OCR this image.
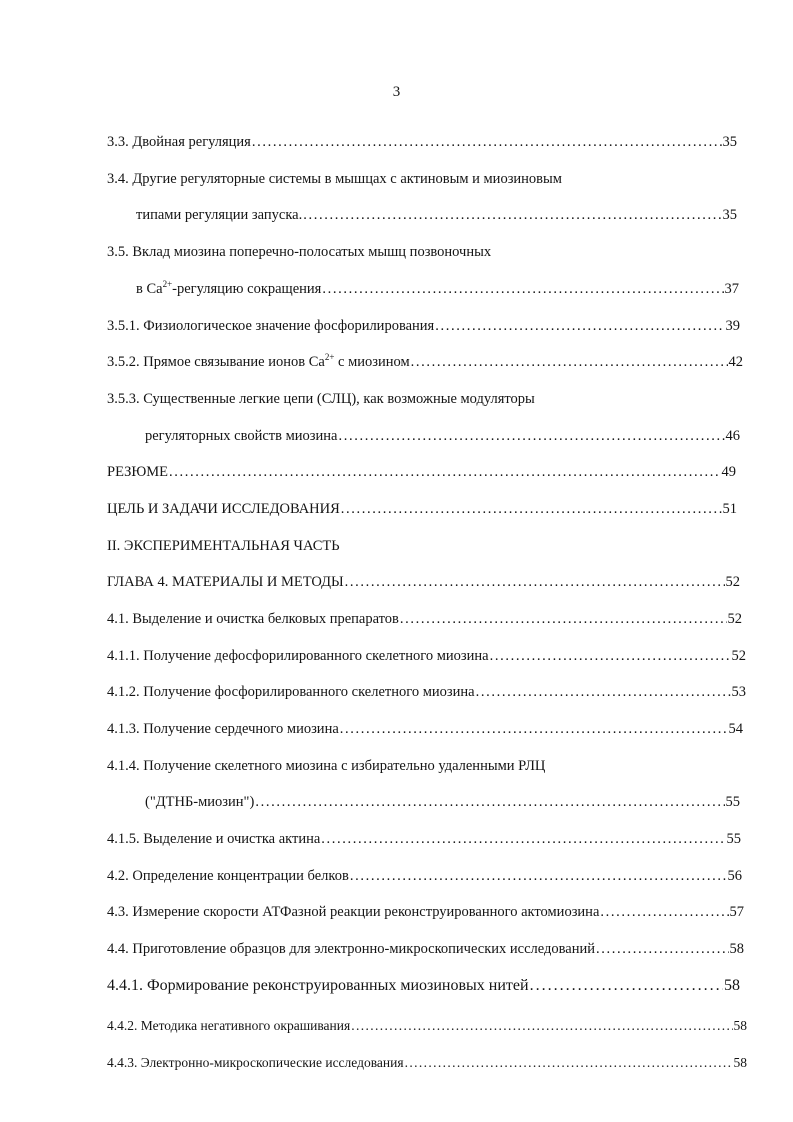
3
3.3. Двойная регуляция . . .	35
3.4. Другие регуляторные системы в мышцах с актиновым и миозиновым
типами регуляции запуска. . . .	35
3.5. Вклад миозина поперечно-полосатых мышц позвоночных
в $Са^{2+}$-регуляцию сокращения . . .	37
3.5.1. Физиологическое значение фосфорилирования . . .	39
3.5.2. Прямое связывание ионов $Са^{2+}$ с миозином . . .	42
3.5.3. Существенные легкие цепи (СЛЦ), как возможные модуляторы
регуляторных свойств миозина . . .	46
РЕЗЮМЕ . . .	49
ЦЕЛЬ И ЗАДАЧИ ИССЛЕДОВАНИЯ . . .	51
II. ЭКСПЕРИМЕНТАЛЬНАЯ ЧАСТЬ
ГЛАВА 4. МАТЕРИАЛЫ И МЕТОДЫ . . .	52
4.1. Выделение и очистка белковых препаратов . . .	52
4.1.1. Получение дефосфорилированного скелетного миозина . . .	52
4.1.2. Получение фосфорилированного скелетного миозина . . .	53
4.1.3. Получение сердечного миозина . . .	54
4.1.4. Получение скелетного миозина с избирательно удаленными РЛЦ
("ДТНБ-миозин") . . .	55
4.1.5. Выделение и очистка актина . . .	55
4.2. Определение концентрации белков . . .	56
4.3. Измерение скорости АТФазной реакции реконструированного актомиозина . . .	57
4.4. Приготовление образцов для электронно-микроскопических исследований . . .	58
4.4.1. Формирование реконструированных миозиновых нитей . . .	58
4.4.2. Методика негативного окрашивания . . .	58
4.4.3. Электронно-микроскопические исследования . . .	58
